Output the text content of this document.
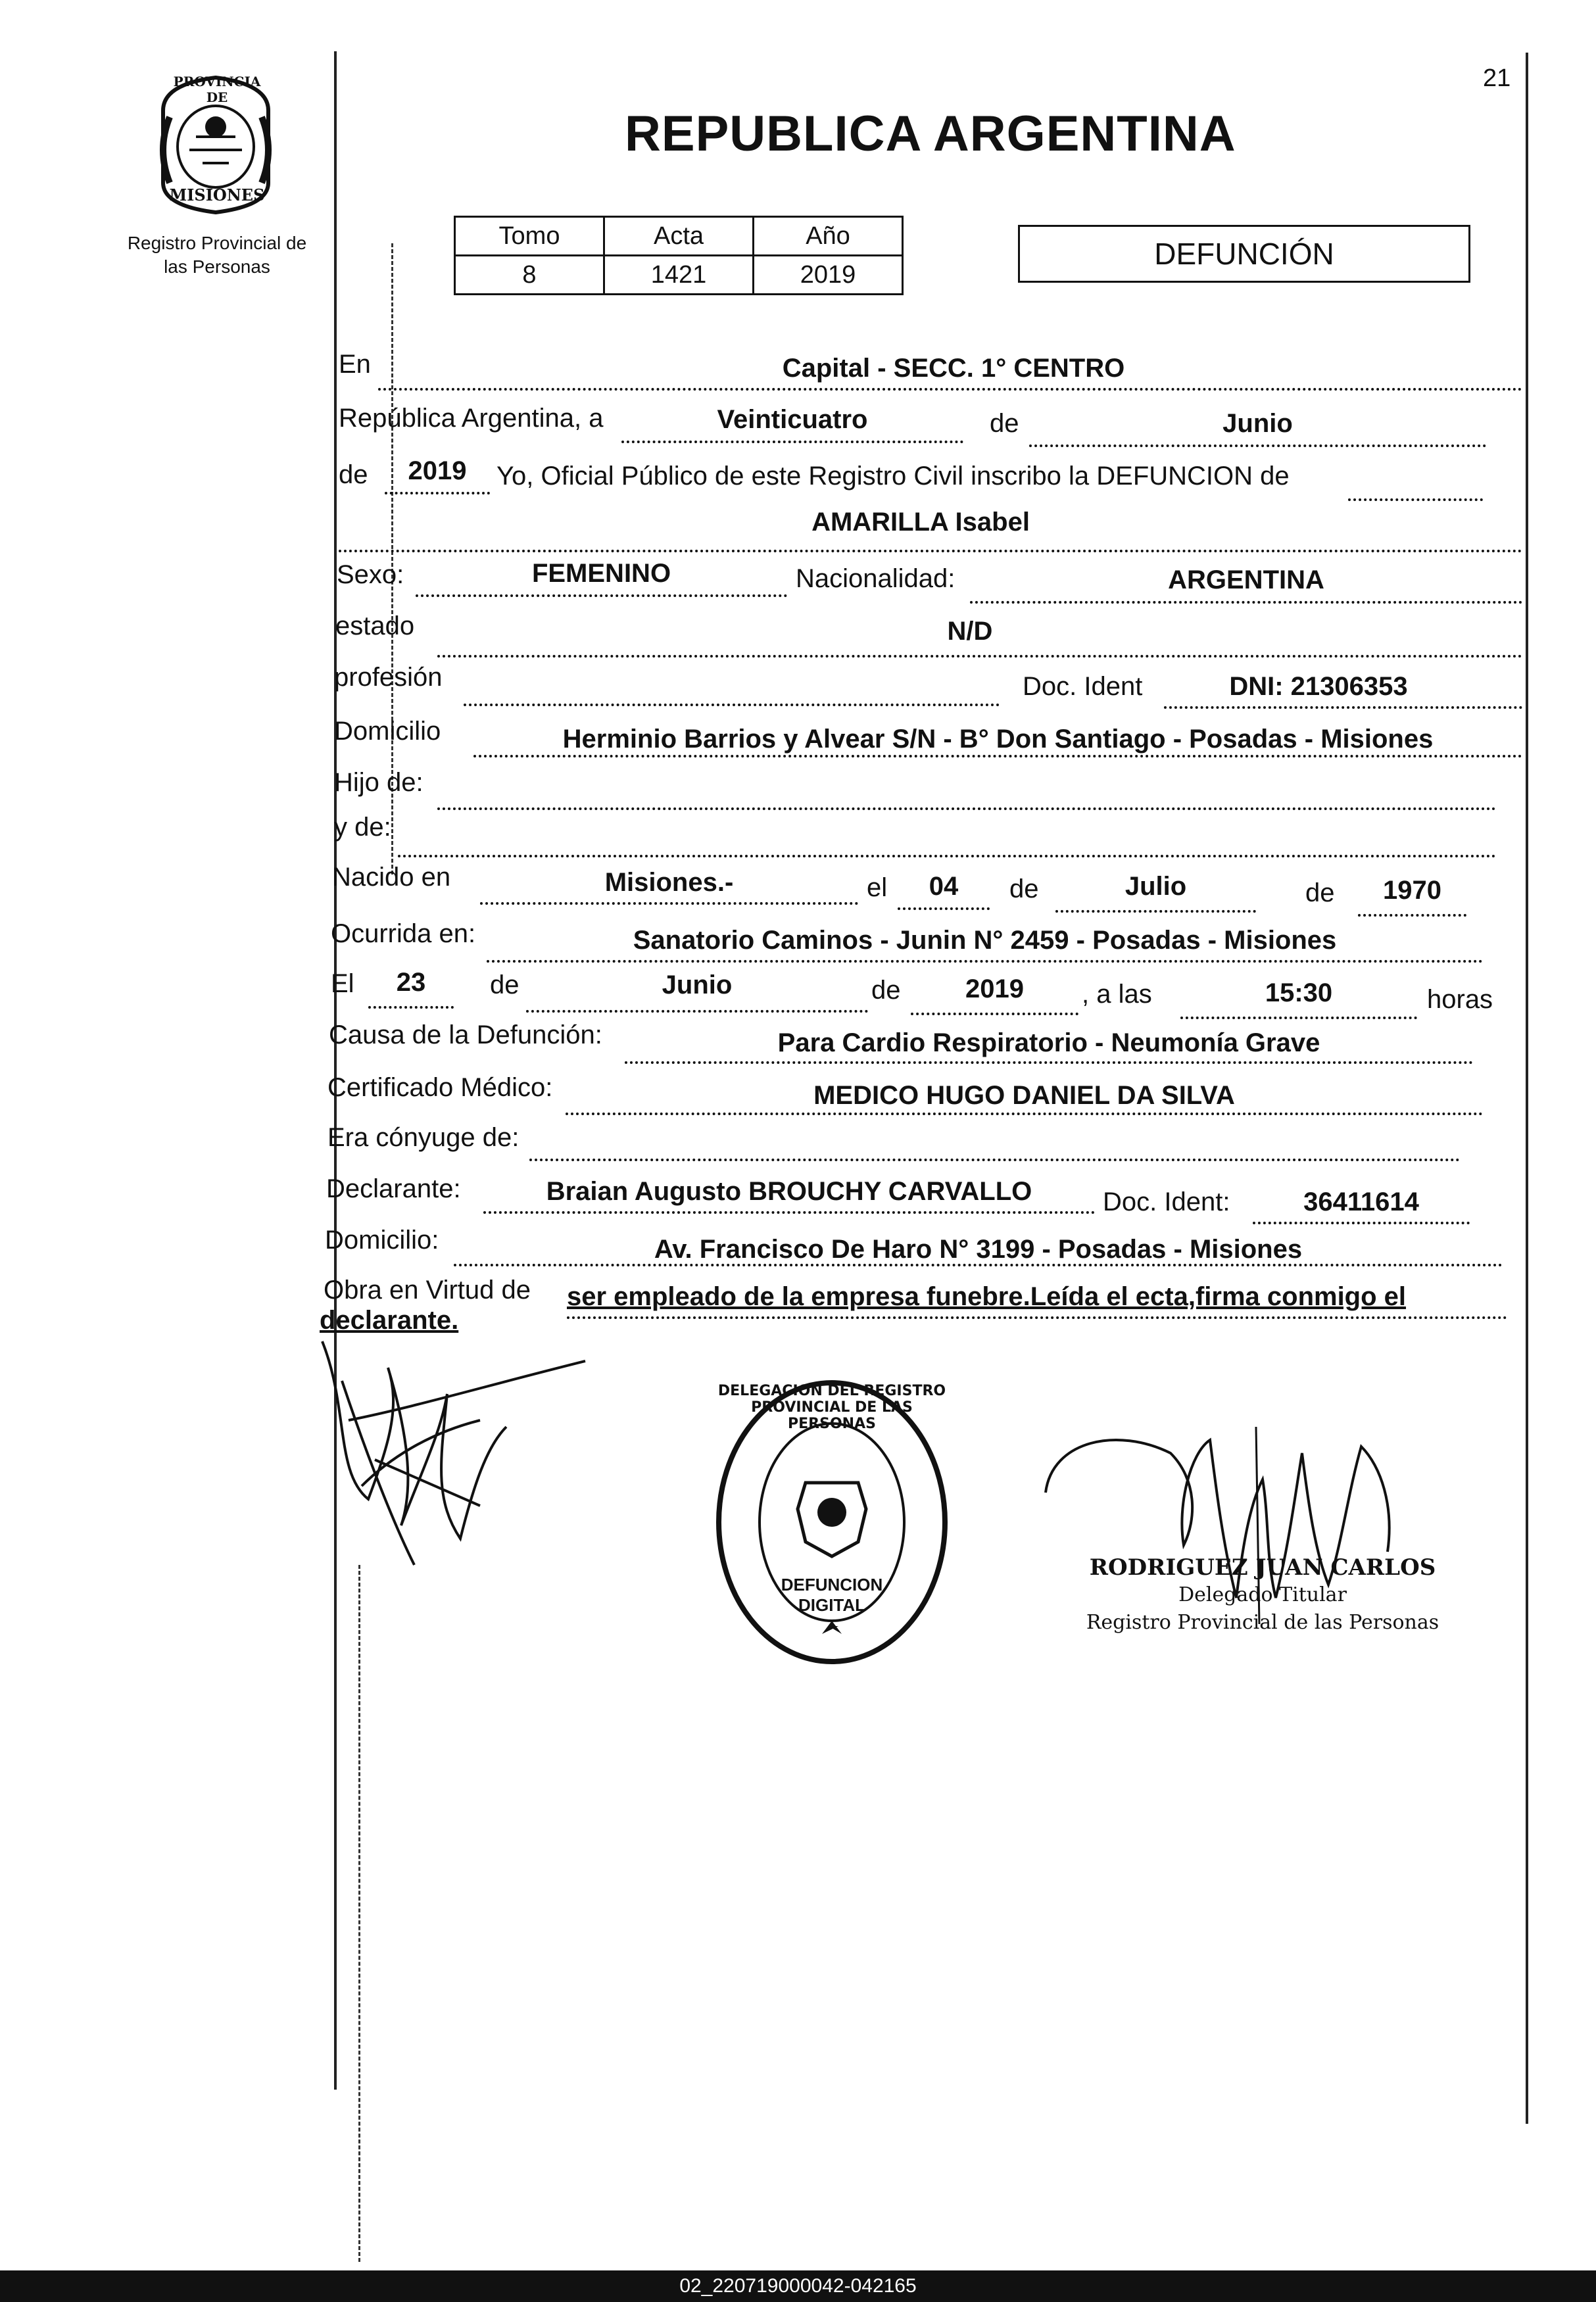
PROVINCIA DE
MISIONES
Registro Provincial de
las Personas
21
REPUBLICA ARGENTINA
Tomo	Acta	Año
8	1421	2019
DEFUNCIÓN
En	Capital - SECC. 1° CENTRO
República Argentina, a	Veinticuatro	de	Junio
de	2019	Yo, Oficial Público de este Registro Civil inscribo la DEFUNCION de
AMARILLA Isabel
Sexo:	FEMENINO	Nacionalidad:	ARGENTINA
estado	N/D
profesión	Doc. Ident	DNI: 21306353
Domicilio	Herminio Barrios y Alvear S/N - B° Don Santiago - Posadas - Misiones
Hijo de:
y de:
Nacido en	Misiones.-	el	04	de	Julio	de	1970
Ocurrida en:	Sanatorio Caminos - Junin N° 2459 - Posadas - Misiones
El	23	de	Junio	de	2019	, a las	15:30	horas
Causa de la Defunción:	Para Cardio Respiratorio - Neumonía Grave
Certificado Médico:	MEDICO HUGO DANIEL DA SILVA
Era cónyuge de:
Declarante:	Braian Augusto BROUCHY CARVALLO	Doc. Ident:	36411614
Domicilio:	Av. Francisco De Haro N° 3199 - Posadas - Misiones
Obra en Virtud de ser empleado de la empresa funebre.Leída el ecta,firma conmigo el
declarante.
DELEGACION DEL REGISTRO PROVINCIAL DE LAS PERSONAS
DEFUNCION DIGITAL
RODRIGUEZ JUAN CARLOS
Delegado Titular
Registro Provincial de las Personas
02_220719000042-042165
